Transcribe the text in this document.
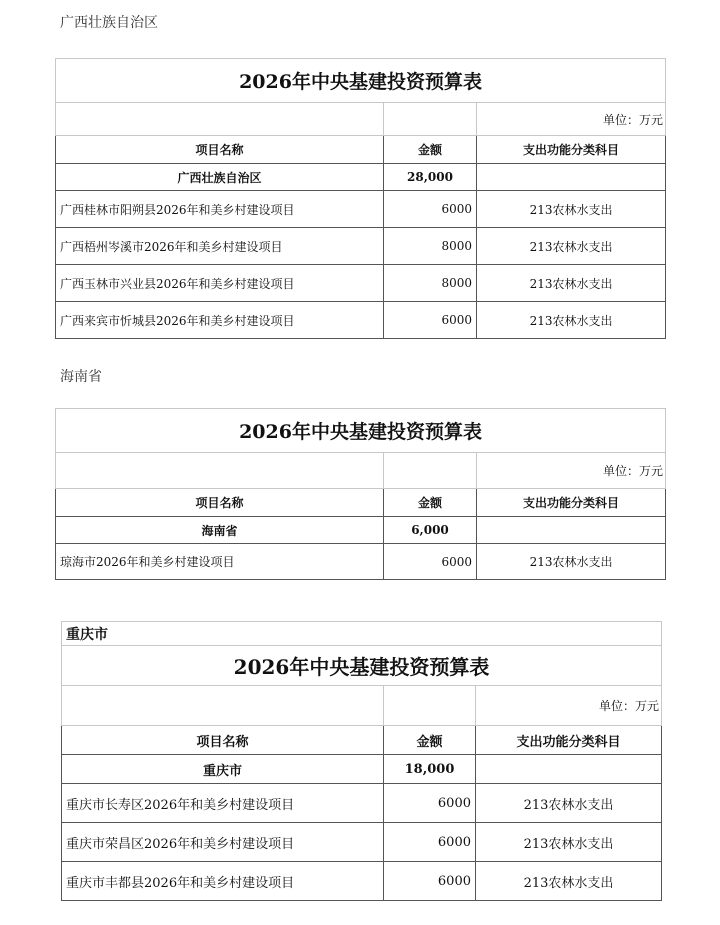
广西壮族自治区
2026年中央基建投资预算表		
		单位：万元
项目名称	金额	支出功能分类科目
广西壮族自治区	28,000	
广西桂林市阳朔县2026年和美乡村建设项目	6000	213农林水支出
广西梧州岑溪市2026年和美乡村建设项目	8000	213农林水支出
广西玉林市兴业县2026年和美乡村建设项目	8000	213农林水支出
广西来宾市忻城县2026年和美乡村建设项目	6000	213农林水支出
海南省
2026年中央基建投资预算表		
		单位：万元
项目名称	金额	支出功能分类科目
海南省	6,000	
琼海市2026年和美乡村建设项目	6000	213农林水支出
重庆市		
2026年中央基建投资预算表		
		单位：万元
项目名称	金额	支出功能分类科目
重庆市	18,000	
重庆市长寿区2026年和美乡村建设项目	6000	213农林水支出
重庆市荣昌区2026年和美乡村建设项目	6000	213农林水支出
重庆市丰都县2026年和美乡村建设项目	6000	213农林水支出
